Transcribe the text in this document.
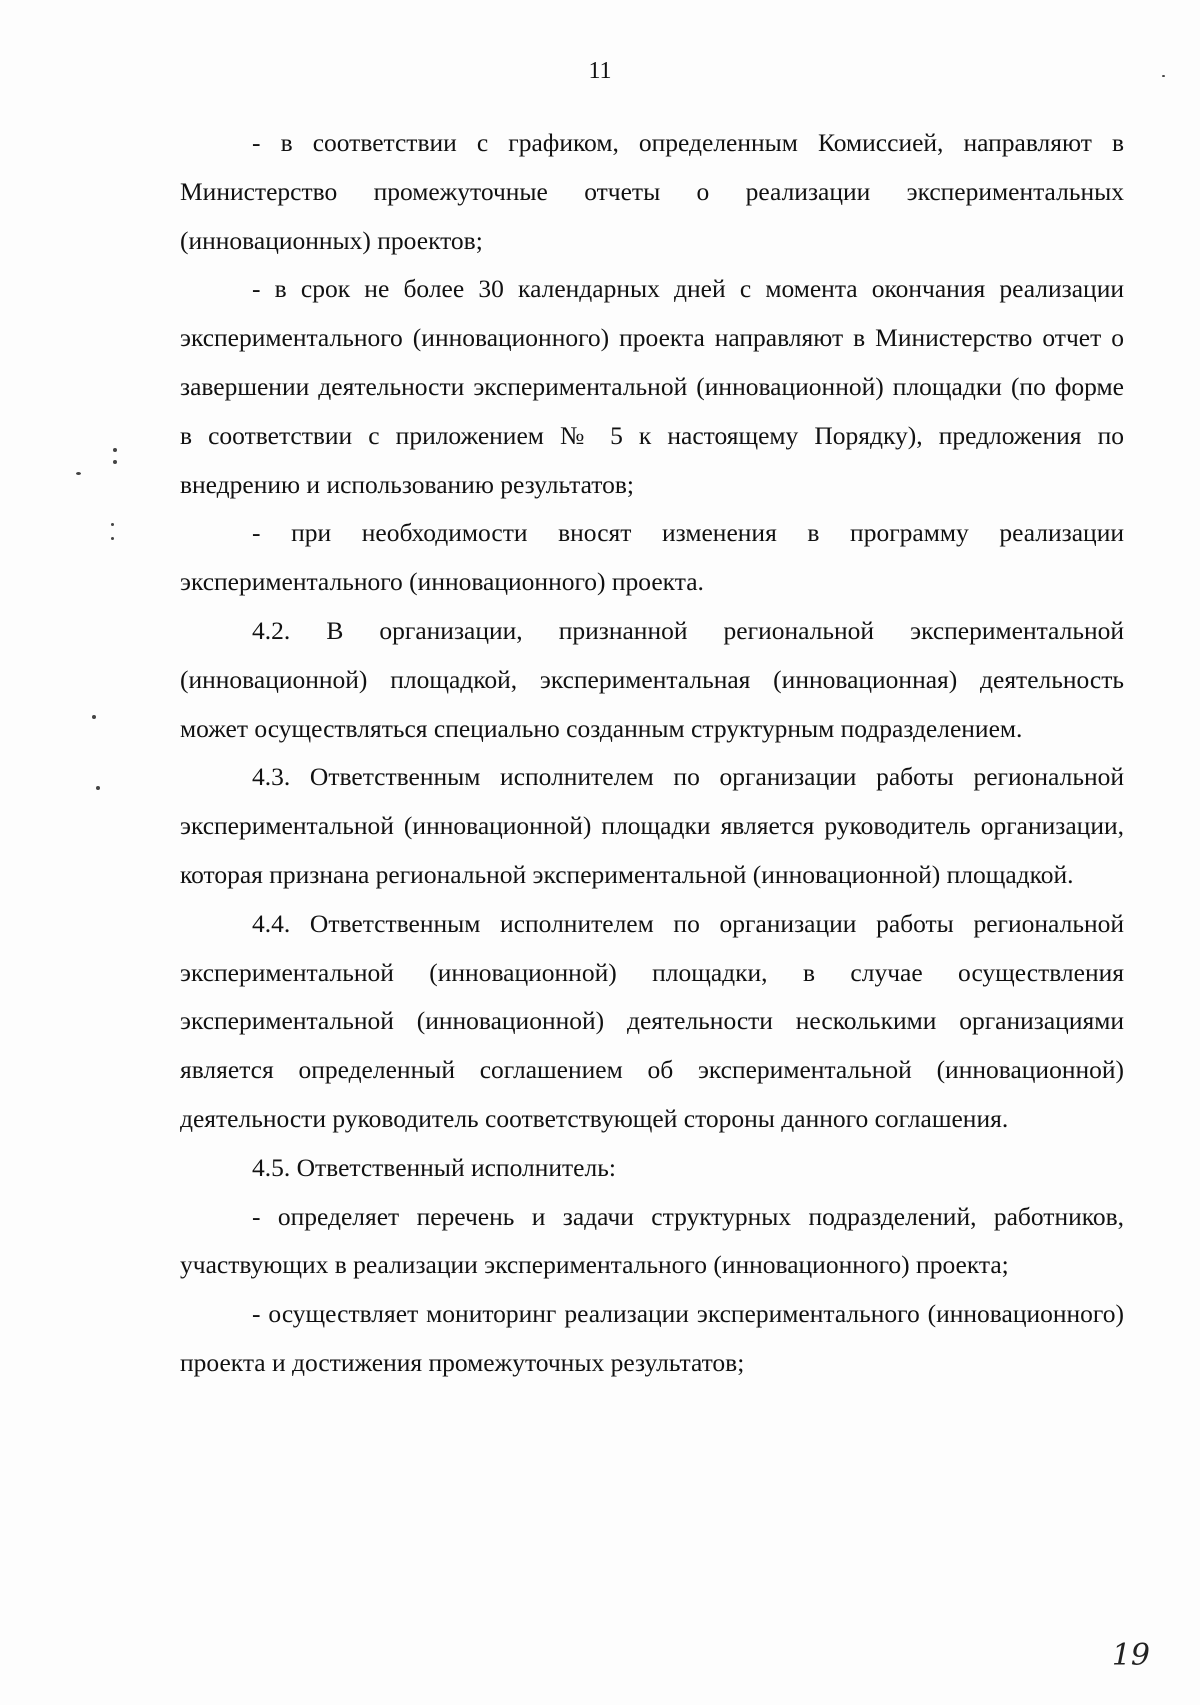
11

- в соответствии с графиком, определенным Комиссией, направляют в Министерство промежуточные отчеты о реализации экспериментальных (инновационных) проектов;

- в срок не более 30 календарных дней с момента окончания реализации экспериментального (инновационного) проекта направляют в Министерство отчет о завершении деятельности экспериментальной (инновационной) площадки (по форме в соответствии с приложением № 5 к настоящему Порядку), предложения по внедрению и использованию результатов;

- при необходимости вносят изменения в программу реализации экспериментального (инновационного) проекта.

4.2. В организации, признанной региональной экспериментальной (инновационной) площадкой, экспериментальная (инновационная) деятельность может осуществляться специально созданным структурным подразделением.

4.3. Ответственным исполнителем по организации работы региональной экспериментальной (инновационной) площадки является руководитель организации, которая признана региональной экспериментальной (инновационной) площадкой.

4.4. Ответственным исполнителем по организации работы региональной экспериментальной (инновационной) площадки, в случае осуществления экспериментальной (инновационной) деятельности несколькими организациями является определенный соглашением об экспериментальной (инновационной) деятельности руководитель соответствующей стороны данного соглашения.

4.5. Ответственный исполнитель:

- определяет перечень и задачи структурных подразделений, работников, участвующих в реализации экспериментального (инновационного) проекта;

- осуществляет мониторинг реализации экспериментального (инновационного) проекта и достижения промежуточных результатов;

19
